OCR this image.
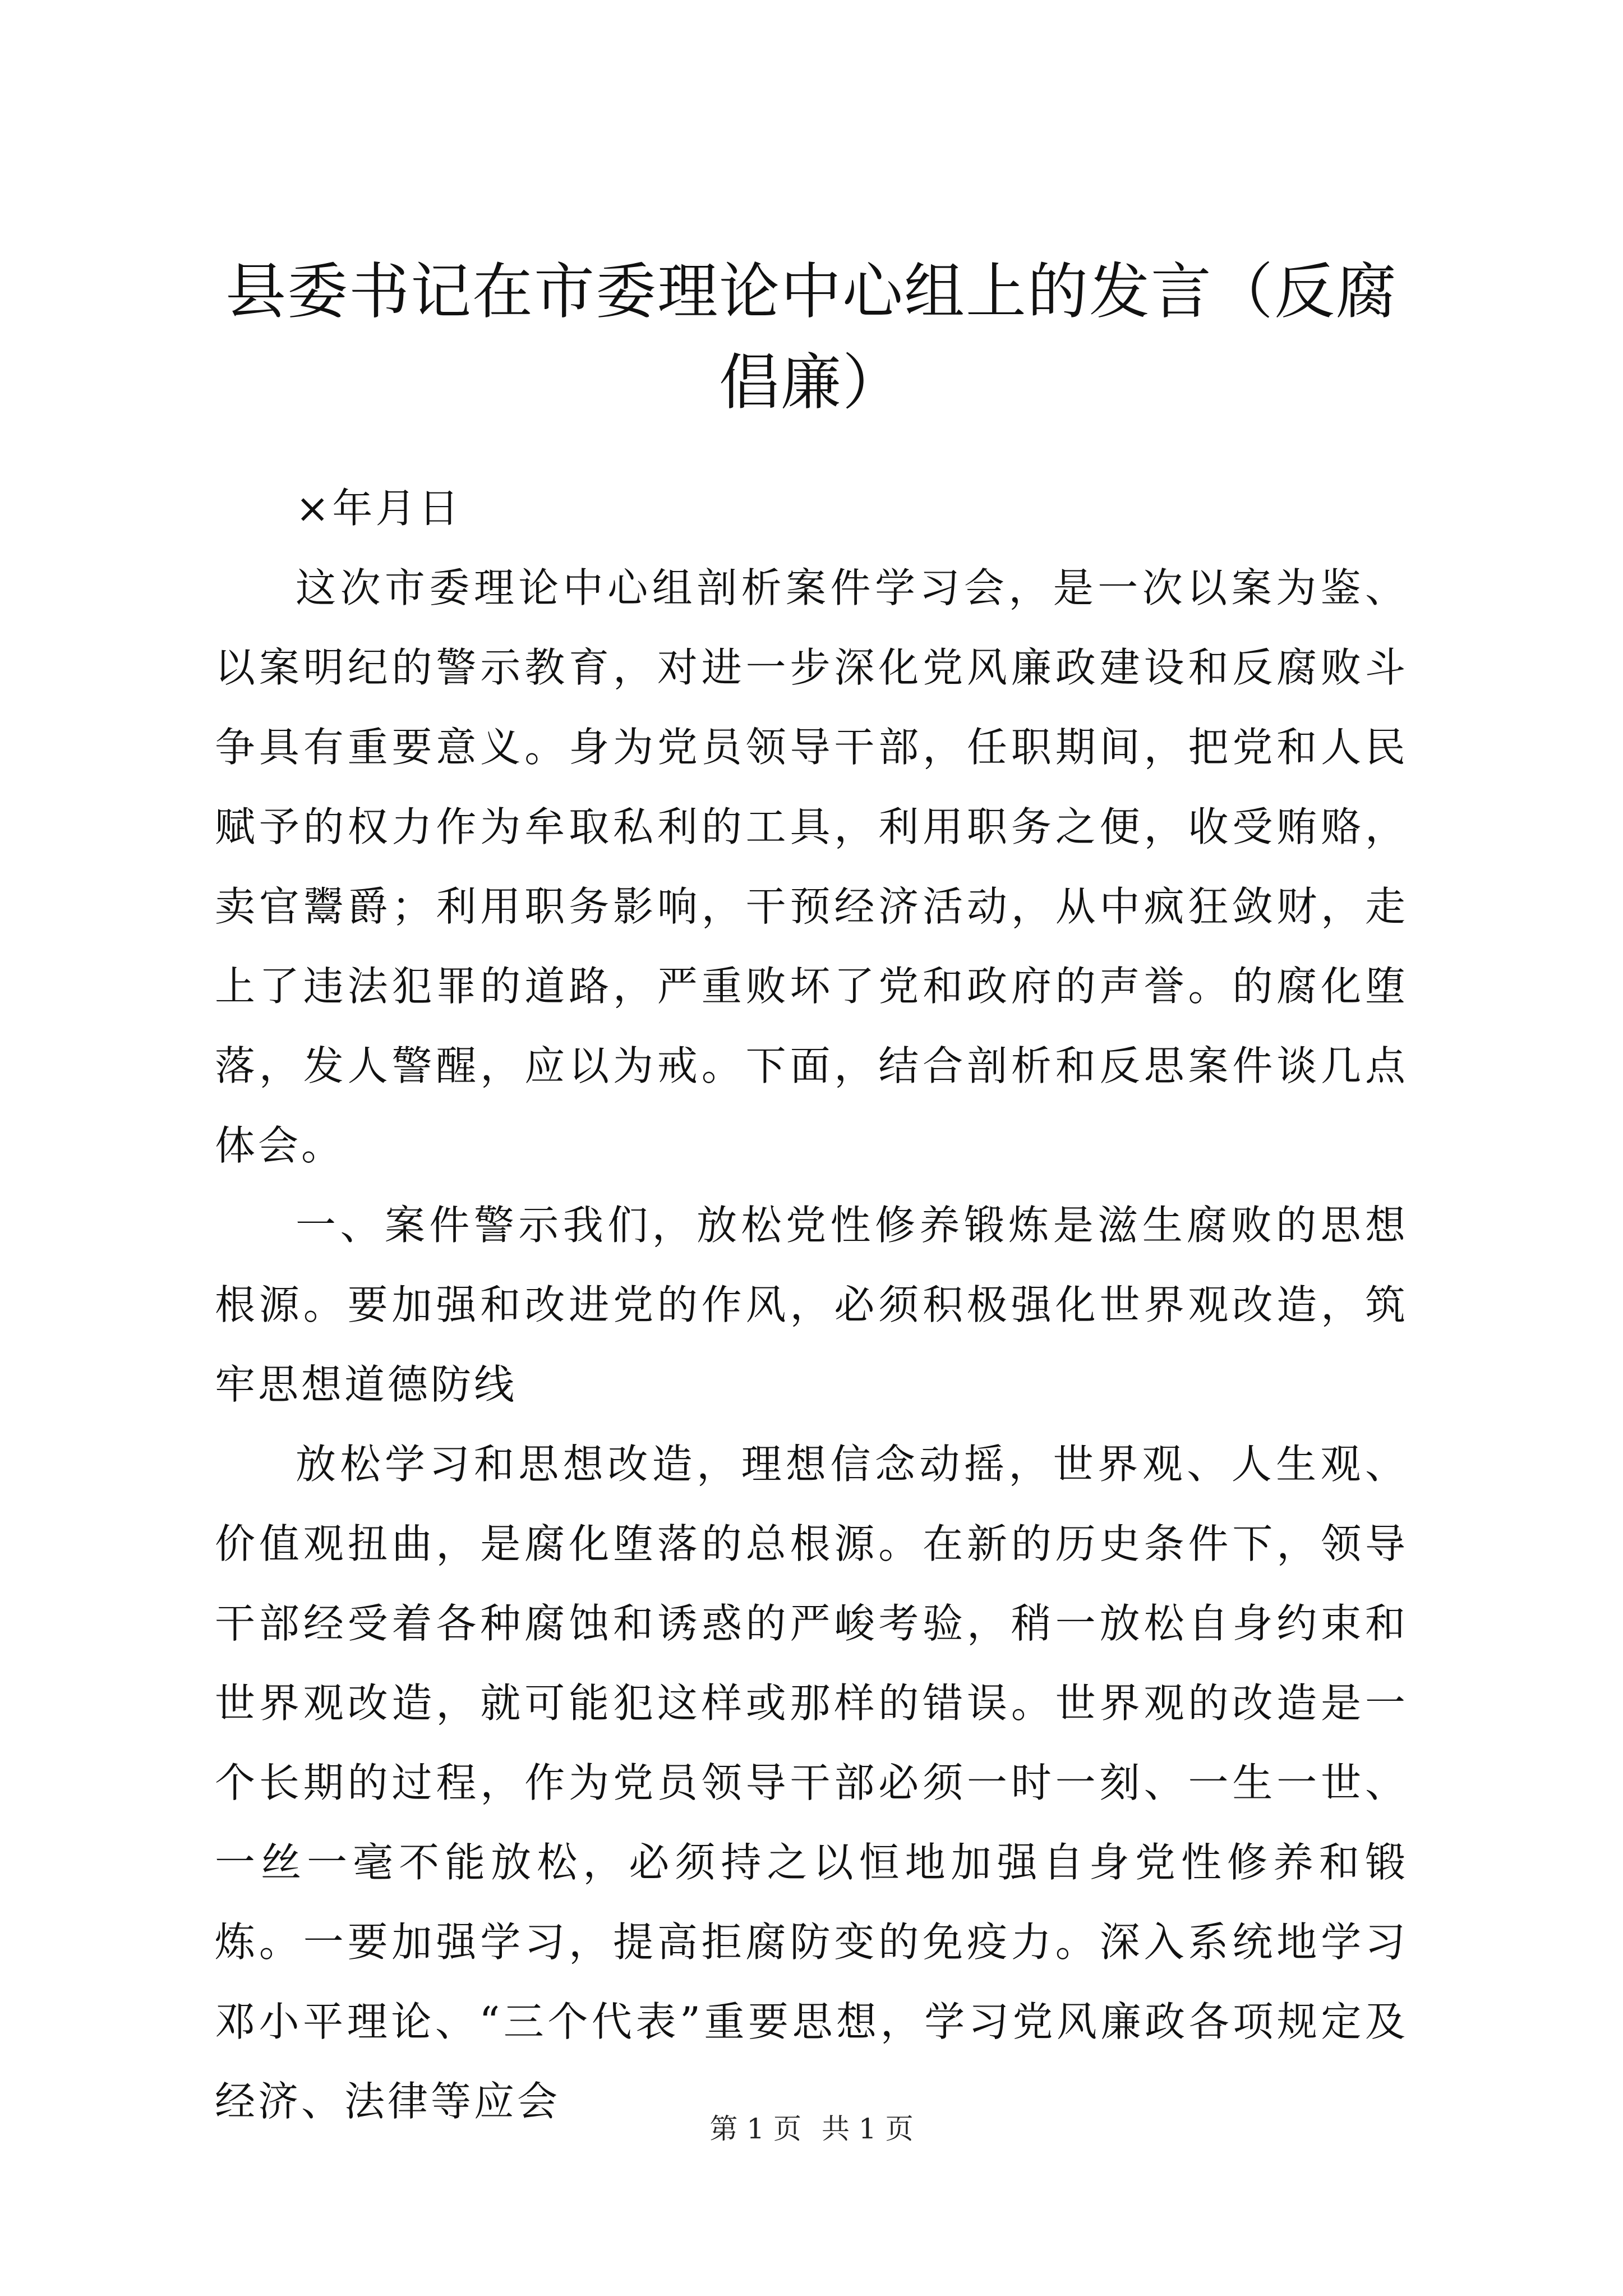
县委书记在市委理论中心组上的发言（反腐倡廉）

×年月日

这次市委理论中心组剖析案件学习会，是一次以案为鉴、以案明纪的警示教育，对进一步深化党风廉政建设和反腐败斗争具有重要意义。身为党员领导干部，任职期间，把党和人民赋予的权力作为牟取私利的工具，利用职务之便，收受贿赂，卖官鬻爵；利用职务影响，干预经济活动，从中疯狂敛财，走上了违法犯罪的道路，严重败坏了党和政府的声誉。的腐化堕落，发人警醒，应以为戒。下面，结合剖析和反思案件谈几点体会。

一、案件警示我们，放松党性修养锻炼是滋生腐败的思想根源。要加强和改进党的作风，必须积极强化世界观改造，筑牢思想道德防线

放松学习和思想改造，理想信念动摇，世界观、人生观、价值观扭曲，是腐化堕落的总根源。在新的历史条件下，领导干部经受着各种腐蚀和诱惑的严峻考验，稍一放松自身约束和世界观改造，就可能犯这样或那样的错误。世界观的改造是一个长期的过程，作为党员领导干部必须一时一刻、一生一世、一丝一毫不能放松，必须持之以恒地加强自身党性修养和锻炼。一要加强学习，提高拒腐防变的免疫力。深入系统地学习邓小平理论、“三个代表”重要思想，学习党风廉政各项规定及经济、法律等应会

第 1 页 共 1 页
